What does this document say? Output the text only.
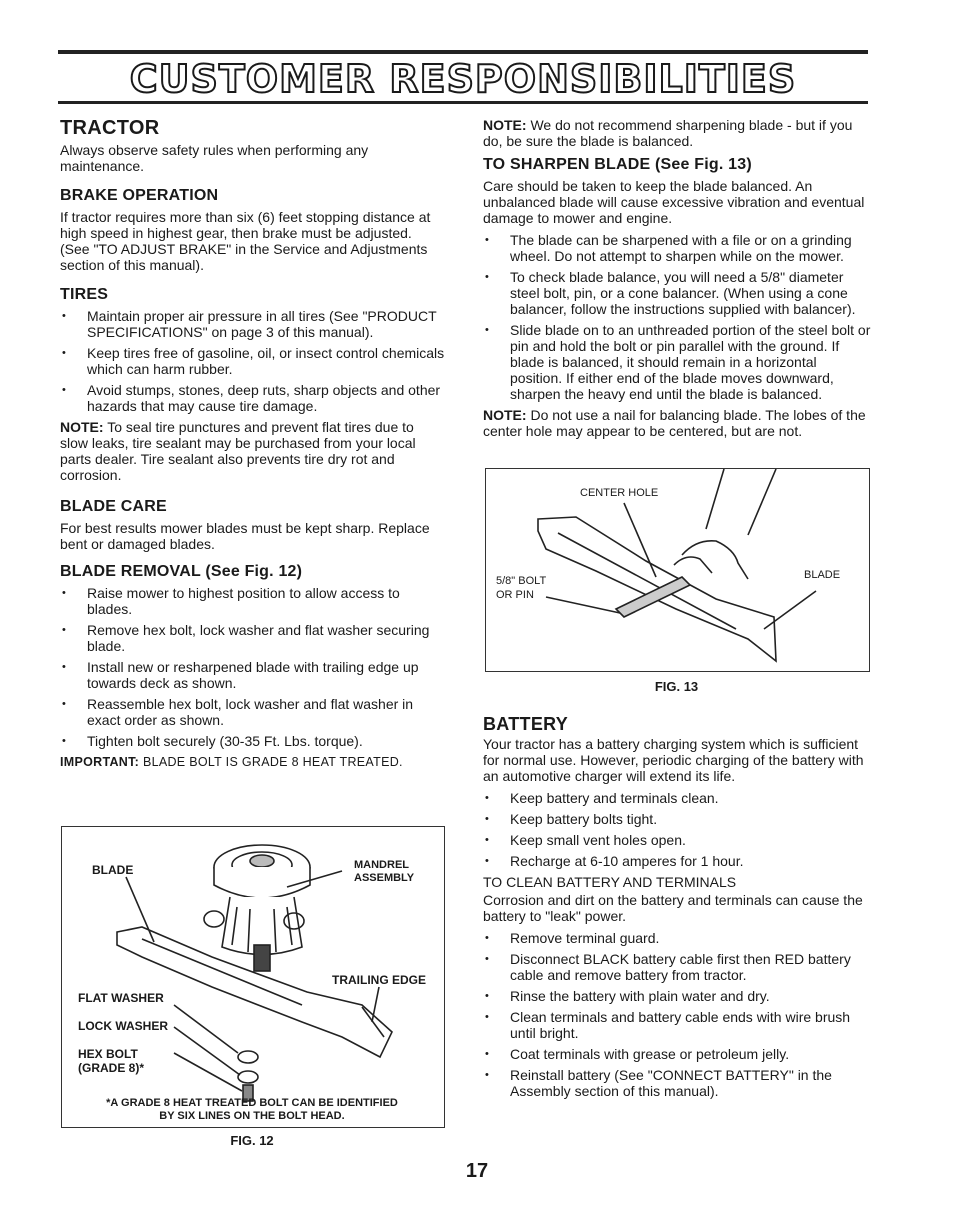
CUSTOMER RESPONSIBILITIES
TRACTOR

Always observe safety rules when performing any maintenance.

BRAKE OPERATION

If tractor requires more than six (6) feet stopping distance at high speed in highest gear, then brake must be adjusted. (See "TO ADJUST BRAKE" in the Service and Adjustments section of this manual).

TIRES
• Maintain proper air pressure in all tires (See "PRODUCT SPECIFICATIONS" on page 3 of this manual).
• Keep tires free of gasoline, oil, or insect control chemicals which can harm rubber.
• Avoid stumps, stones, deep ruts, sharp objects and other hazards that may cause tire damage.

NOTE: To seal tire punctures and prevent flat tires due to slow leaks, tire sealant may be purchased from your local parts dealer. Tire sealant also prevents tire dry rot and corrosion.

BLADE CARE

For best results mower blades must be kept sharp. Replace bent or damaged blades.

BLADE REMOVAL (See Fig. 12)
• Raise mower to highest position to allow access to blades.
• Remove hex bolt, lock washer and flat washer securing blade.
• Install new or resharpened blade with trailing edge up towards deck as shown.
• Reassemble hex bolt, lock washer and flat washer in exact order as shown.
• Tighten bolt securely (30-35 Ft. Lbs. torque).

IMPORTANT: BLADE BOLT IS GRADE 8 HEAT TREATED.

BLADE	MANDREL ASSEMBLY
TRAILING EDGE
FLAT WASHER
LOCK WASHER
HEX BOLT
(GRADE 8)*
*A GRADE 8 HEAT TREATED BOLT CAN BE IDENTIFIED BY SIX LINES ON THE BOLT HEAD.
FIG. 12

NOTE: We do not recommend sharpening blade - but if you do, be sure the blade is balanced.

TO SHARPEN BLADE (See Fig. 13)

Care should be taken to keep the blade balanced. An unbalanced blade will cause excessive vibration and eventual damage to mower and engine.

• The blade can be sharpened with a file or on a grinding wheel. Do not attempt to sharpen while on the mower.
• To check blade balance, you will need a 5/8" diameter steel bolt, pin, or a cone balancer. (When using a cone balancer, follow the instructions supplied with balancer).
• Slide blade on to an unthreaded portion of the steel bolt or pin and hold the bolt or pin parallel with the ground. If blade is balanced, it should remain in a horizontal position. If either end of the blade moves downward, sharpen the heavy end until the blade is balanced.

NOTE: Do not use a nail for balancing blade. The lobes of the center hole may appear to be centered, but are not.

CENTER HOLE
5/8" BOLT
OR PIN
BLADE
FIG. 13
BATTERY

Your tractor has a battery charging system which is sufficient for normal use. However, periodic charging of the battery with an automotive charger will extend its life.

• Keep battery and terminals clean.
• Keep battery bolts tight.
• Keep small vent holes open.
• Recharge at 6-10 amperes for 1 hour.

TO CLEAN BATTERY AND TERMINALS

Corrosion and dirt on the battery and terminals can cause the battery to "leak" power.

• Remove terminal guard.
• Disconnect BLACK battery cable first then RED battery cable and remove battery from tractor.
• Rinse the battery with plain water and dry.
• Clean terminals and battery cable ends with wire brush until bright.
• Coat terminals with grease or petroleum jelly.
• Reinstall battery (See "CONNECT BATTERY" in the Assembly section of this manual).
17
